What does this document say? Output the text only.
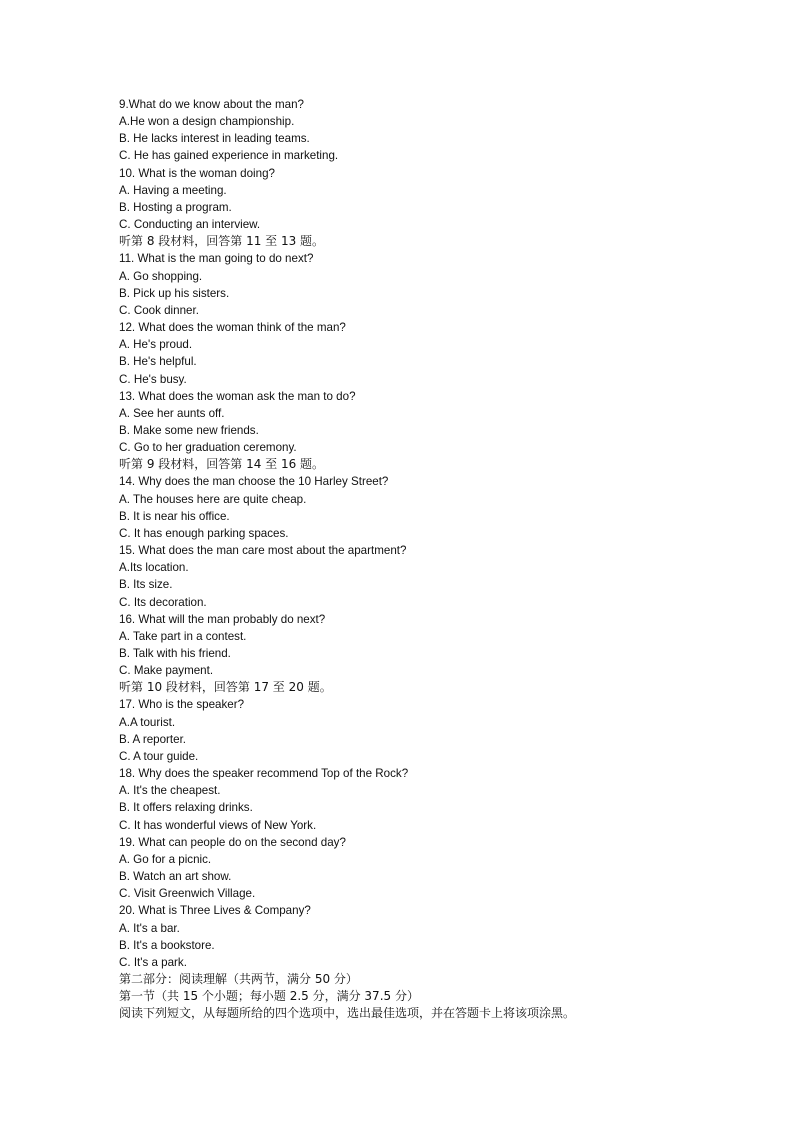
9.What do we know about the man?
A.He won a design championship.
B. He lacks interest in leading teams.
C. He has gained experience in marketing.
10. What is the woman doing?
A. Having a meeting.
B. Hosting a program.
C. Conducting an interview.
听第 8 段材料，回答第 11 至 13 题。
11. What is the man going to do next?
A. Go shopping.
B. Pick up his sisters.
C. Cook dinner.
12. What does the woman think of the man?
A. He's proud.
B. He's helpful.
C. He's busy.
13. What does the woman ask the man to do?
A. See her aunts off.
B. Make some new friends.
C. Go to her graduation ceremony.
听第 9 段材料，回答第 14 至 16 题。
14. Why does the man choose the 10 Harley Street?
A. The houses here are quite cheap.
B. It is near his office.
C. It has enough parking spaces.
15. What does the man care most about the apartment?
A.Its location.
B. Its size.
C. Its decoration.
16. What will the man probably do next?
A. Take part in a contest.
B. Talk with his friend.
C. Make payment.
听第 10 段材料，回答第 17 至 20 题。
17. Who is the speaker?
A.A tourist.
B. A reporter.
C. A tour guide.
18. Why does the speaker recommend Top of the Rock?
A. It's the cheapest.
B. It offers relaxing drinks.
C. It has wonderful views of New York.
19. What can people do on the second day?
A. Go for a picnic.
B. Watch an art show.
C. Visit Greenwich Village.
20. What is Three Lives & Company?
A. It's a bar.
B. It's a bookstore.
C. It's a park.
第二部分：阅读理解（共两节，满分 50 分）
第一节（共 15 个小题；每小题 2.5 分，满分 37.5 分）
阅读下列短文，从每题所给的四个选项中，选出最佳选项，并在答题卡上将该项涂黑。
